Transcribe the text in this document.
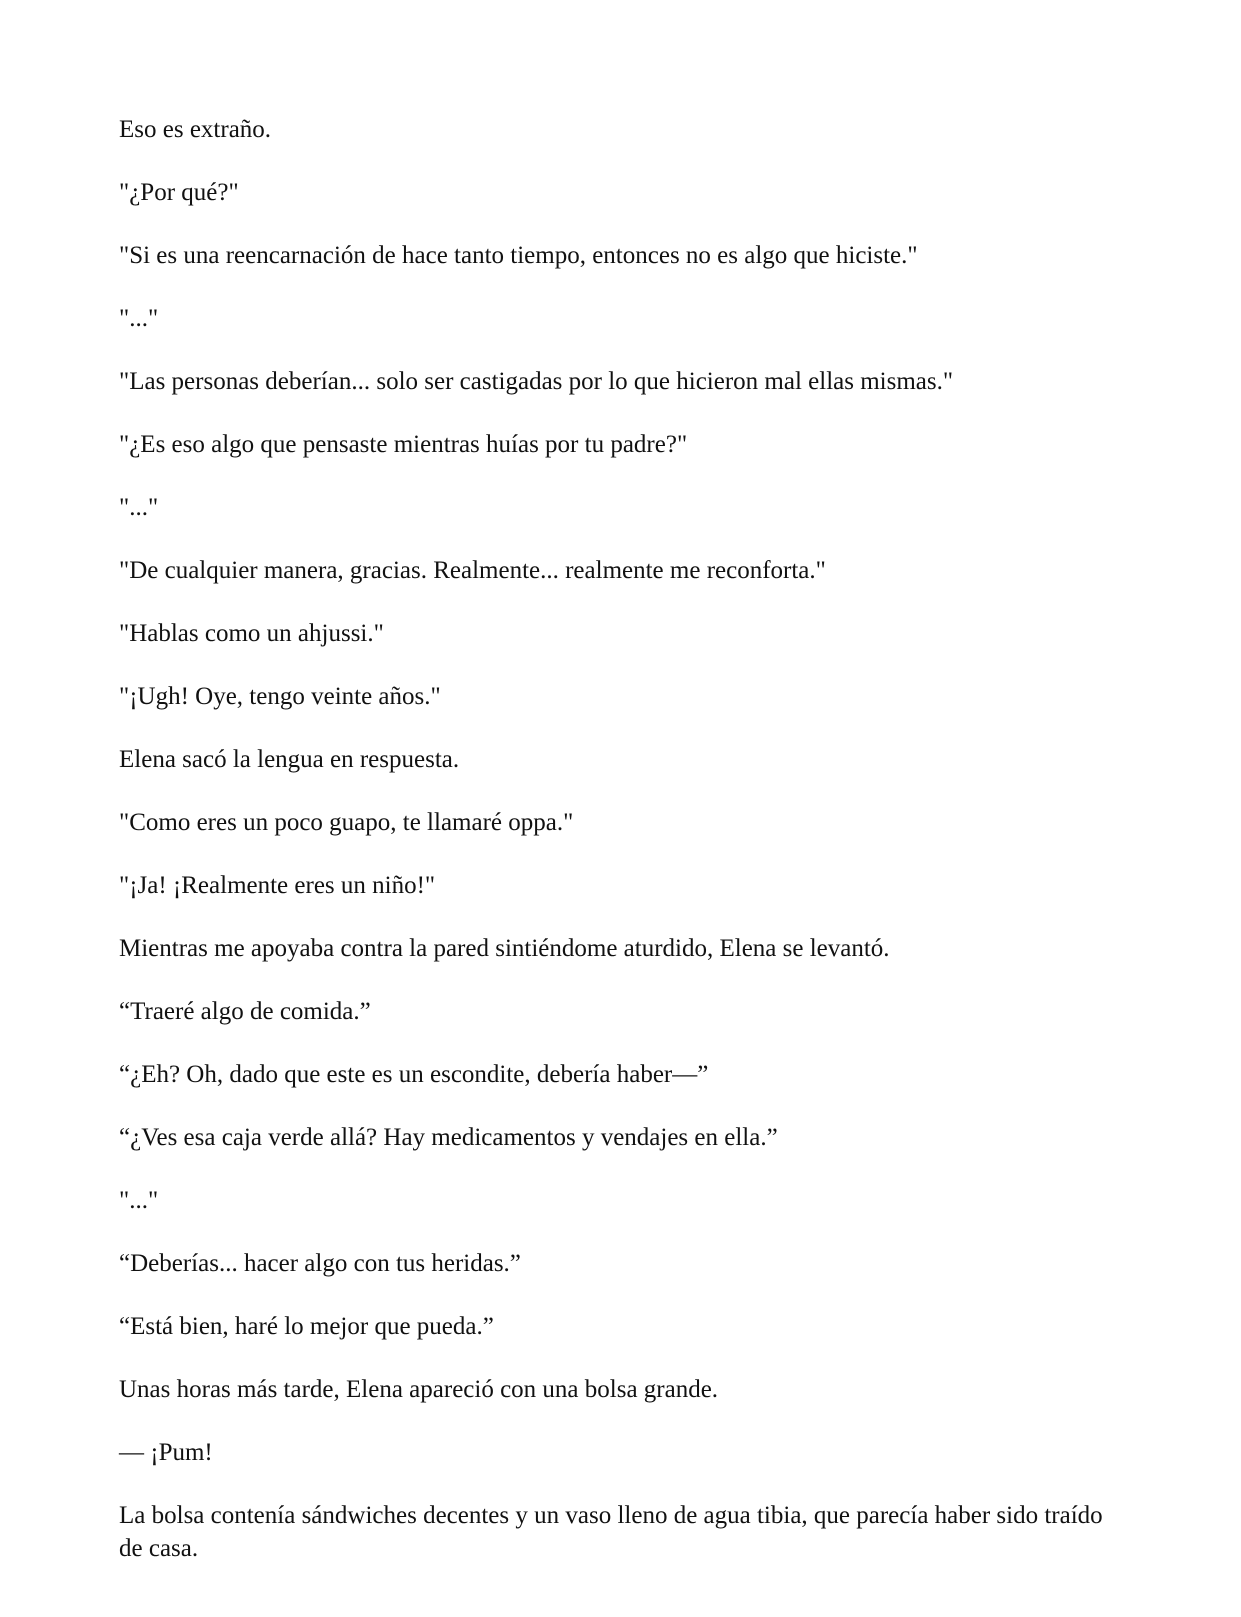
Eso es extraño.

"¿Por qué?"

"Si es una reencarnación de hace tanto tiempo, entonces no es algo que hiciste."

"..."

"Las personas deberían... solo ser castigadas por lo que hicieron mal ellas mismas."

"¿Es eso algo que pensaste mientras huías por tu padre?"

"..."

"De cualquier manera, gracias. Realmente... realmente me reconforta."

"Hablas como un ahjussi."

"¡Ugh! Oye, tengo veinte años."

Elena sacó la lengua en respuesta.

"Como eres un poco guapo, te llamaré oppa."

"¡Ja! ¡Realmente eres un niño!"

Mientras me apoyaba contra la pared sintiéndome aturdido, Elena se levantó.

“Traeré algo de comida.”

“¿Eh? Oh, dado que este es un escondite, debería haber—”

“¿Ves esa caja verde allá? Hay medicamentos y vendajes en ella.”

"..."

“Deberías... hacer algo con tus heridas.”

“Está bien, haré lo mejor que pueda.”

Unas horas más tarde, Elena apareció con una bolsa grande.

— ¡Pum!

La bolsa contenía sándwiches decentes y un vaso lleno de agua tibia, que parecía haber sido traído de casa.
